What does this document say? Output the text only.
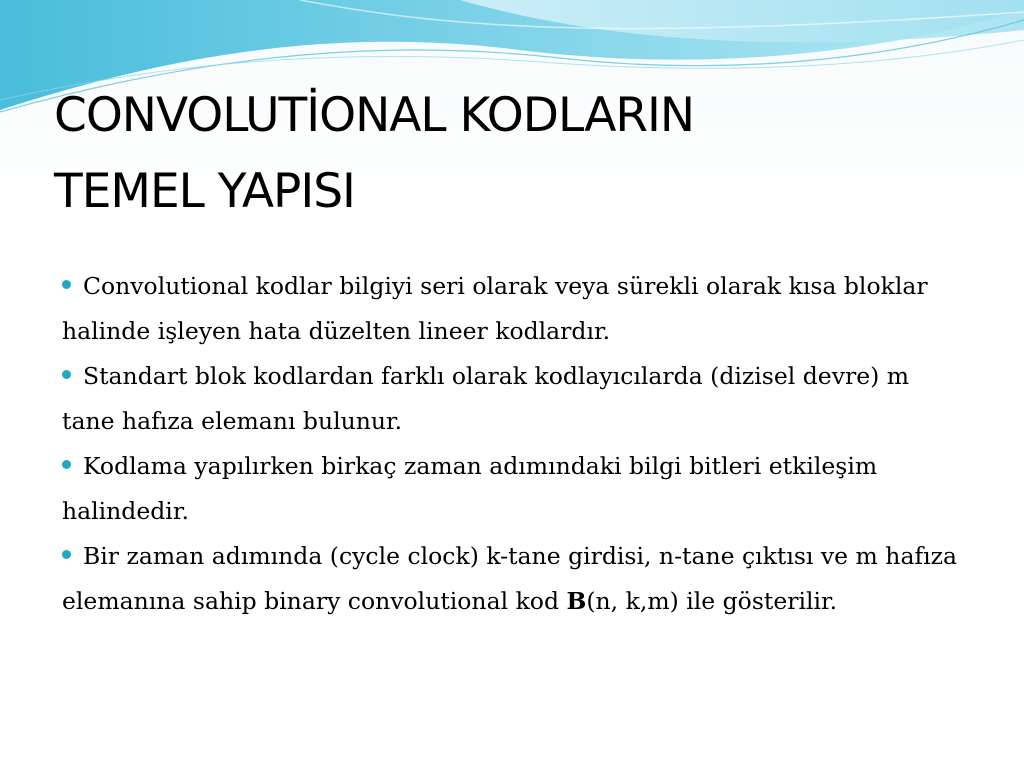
CONVOLUTİONAL KODLARIN
TEMEL YAPISI

Convolutional kodlar bilgiyi seri olarak veya sürekli olarak kısa bloklar halinde işleyen hata düzelten lineer kodlardır.

Standart blok kodlardan farklı olarak kodlayıcılarda (dizisel devre) m tane hafıza elemanı bulunur.

Kodlama yapılırken birkaç zaman adımındaki bilgi bitleri etkileşim halindedir.

Bir zaman adımında (cycle clock) k-tane girdisi, n-tane çıktısı ve m hafıza elemanına sahip binary convolutional kod B(n, k,m) ile gösterilir.
